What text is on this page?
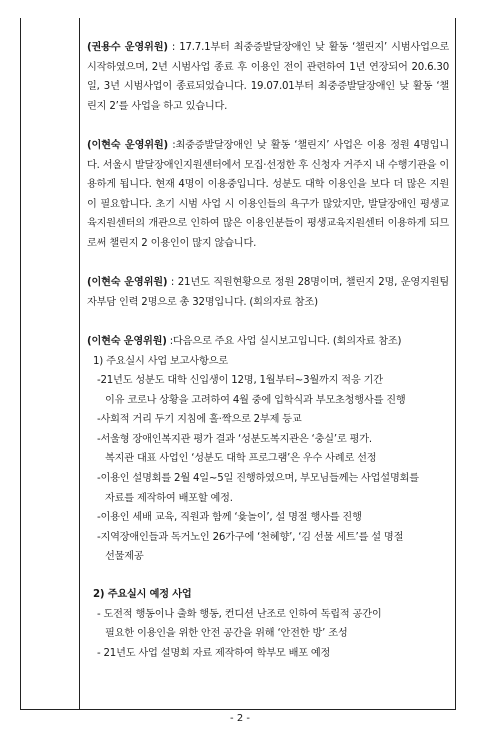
(권용수 운영위원) : 17.7.1부터 최중증발달장애인 낮 활동 ‘챌린지’ 시범사업으로 시작하였으며, 2년 시범사업 종료 후 이용인 전이 관련하여 1년 연장되어 20.6.30일, 3년 시범사업이 종료되었습니다. 19.07.01부터 최중증발달장애인 낮 활동 ‘챌린지 2’를 사업을 하고 있습니다.

(이현숙 운영위원) :최중증발달장애인 낮 활동 ‘챌린지’ 사업은 이용 정원 4명입니다. 서울시 발달장애인지원센터에서 모집·선정한 후 신청자 거주지 내 수행기관을 이용하게 됩니다. 현재 4명이 이용중입니다. 성분도 대학 이용인을 보다 더 많은 지원이 필요합니다. 초기 시범 사업 시 이용인들의 욕구가 많았지만, 발달장애인 평생교육지원센터의 개관으로 인하여 많은 이용인분들이 평생교육지원센터 이용하게 되므로써 챌린지 2 이용인이 많지 않습니다.

(이현숙 운영위원) : 21년도 직원현황으로 정원 28명이며, 챌린지 2명, 운영지원팀 자부담 인력 2명으로 총 32명입니다. (회의자료 참조)

(이현숙 운영위원) :다음으로 주요 사업 실시보고입니다. (회의자료 참조)

1) 주요실시 사업 보고사항으로
-21년도 성분도 대학 신입생이 12명, 1월부터~3월까지 적응 기간
이유 코로나 상황을 고려하여 4월 중에 입학식과 부모초청행사를 진행
-사회적 거리 두기 지침에 홀·짝으로 2부제 등교
-서울형 장애인복지관 평가 결과 ‘성분도복지관은 ‘충실’로 평가.
복지관 대표 사업인 ‘성분도 대학 프로그램’은 우수 사례로 선정
-이용인 설명회를 2월 4일~5일 진행하였으며, 부모님들께는 사업설명회를
자료를 제작하여 배포할 예정.
-이용인 세배 교육, 직원과 함께 ‘윷놀이’, 설 명절 행사를 진행
-지역장애인들과 독거노인 26가구에 ‘천혜향’, ‘김 선물 세트’를 설 명절
선물제공
2) 주요실시 예정 사업
- 도전적 행동이나 출화 행동, 컨디션 난조로 인하여 독립적 공간이
필요한 이용인을 위한 안전 공간을 위해 ‘안전한 방’ 조성
- 21년도 사업 설명회 자료 제작하여 학부모 배포 예정
- 2 -
